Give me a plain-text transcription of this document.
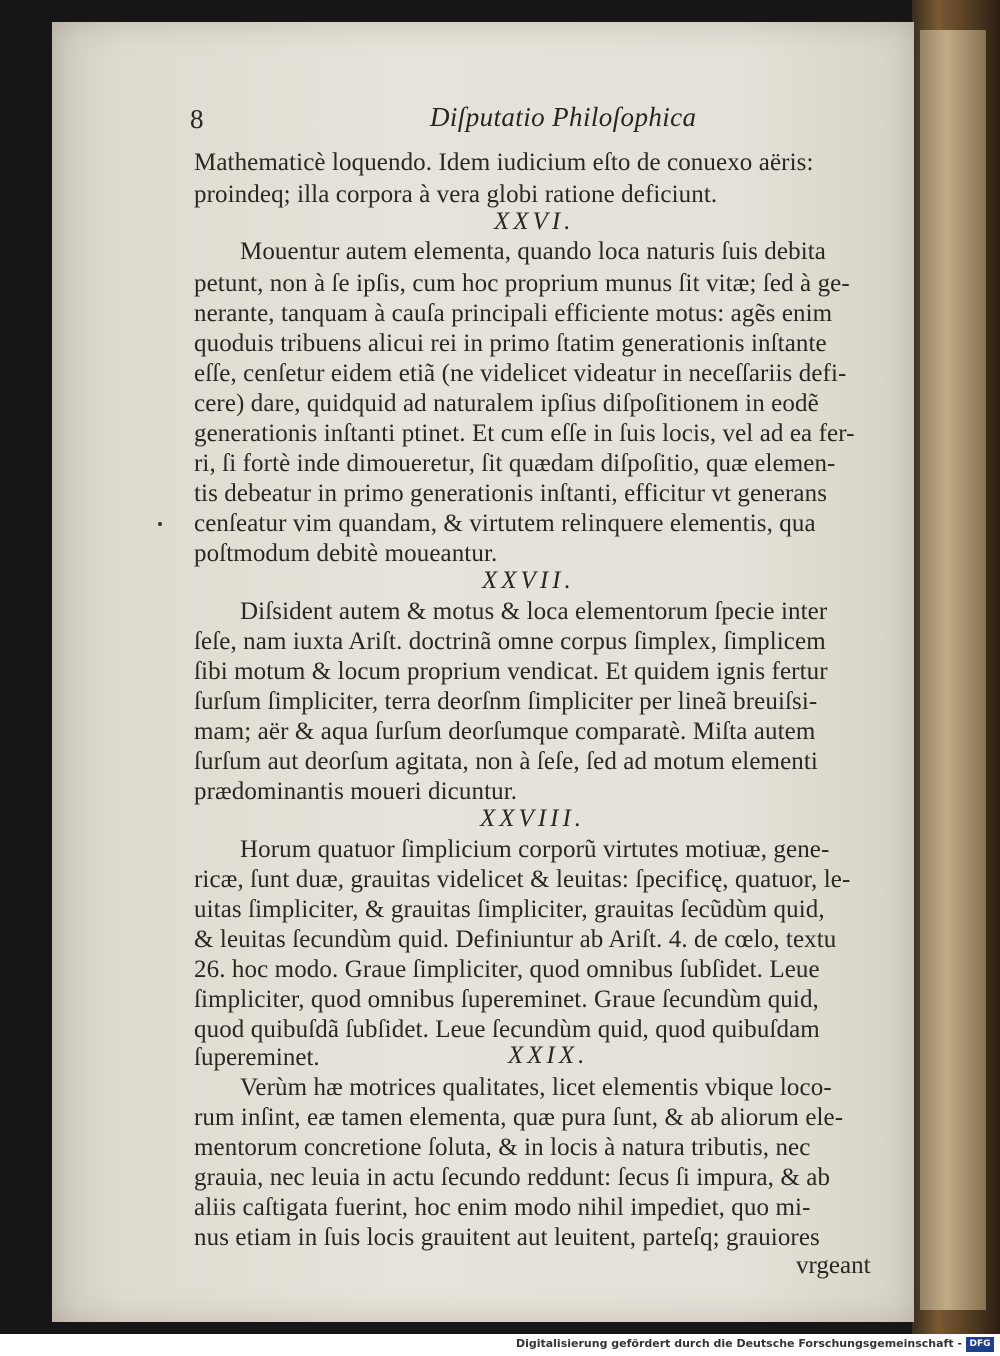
8	Diſputatio Philoſophica
Mathematicè loquendo. Idem iudicium eſto de conuexo aëris:
proindeq; illa corpora à vera globi ratione deficiunt.
XXVI.
Mouentur autem elementa, quando loca naturis ſuis debita
petunt, non à ſe ipſis, cum hoc proprium munus ſit vitæ; ſed à ge-
nerante, tanquam à cauſa principali efficiente motus: agẽs enim
quoduis tribuens alicui rei in primo ſtatim generationis inſtante
eſſe, cenſetur eidem etiã (ne videlicet videatur in neceſſariis defi-
cere) dare, quidquid ad naturalem ipſius diſpoſitionem in eodẽ
generationis inſtanti ptinet. Et cum eſſe in ſuis locis, vel ad ea fer-
ri, ſi fortè inde dimoueretur, ſit quædam diſpoſitio, quæ elemen-
tis debeatur in primo generationis inſtanti, efficitur vt generans
cenſeatur vim quandam, & virtutem relinquere elementis, qua
poſtmodum debitè moueantur.
XXVII.
Diſsident autem & motus & loca elementorum ſpecie inter
ſeſe, nam iuxta Ariſt. doctrinã omne corpus ſimplex, ſimplicem
ſibi motum & locum proprium vendicat. Et quidem ignis fertur
ſurſum ſimpliciter, terra deorſnm ſimpliciter per lineã breuiſsi-
mam; aër & aqua ſurſum deorſumque comparatè. Miſta autem
ſurſum aut deorſum agitata, non à ſeſe, ſed ad motum elementi
prædominantis moueri dicuntur.
XXVIII.
Horum quatuor ſimplicium corporũ virtutes motiuæ, gene-
ricæ, ſunt duæ, grauitas videlicet & leuitas: ſpecificę, quatuor, le-
uitas ſimpliciter, & grauitas ſimpliciter, grauitas ſecũdùm quid,
& leuitas ſecundùm quid. Definiuntur ab Ariſt. 4. de cœlo, textu
26. hoc modo. Graue ſimpliciter, quod omnibus ſubſidet. Leue
ſimpliciter, quod omnibus ſupereminet. Graue ſecundùm quid,
quod quibuſdã ſubſidet. Leue ſecundùm quid, quod quibuſdam
ſupereminet.	XXIX.
Verùm hæ motrices qualitates, licet elementis vbique loco-
rum inſint, eæ tamen elementa, quæ pura ſunt, & ab aliorum ele-
mentorum concretione ſoluta, & in locis à natura tributis, nec
grauia, nec leuia in actu ſecundo reddunt: ſecus ſi impura, & ab
aliis caſtigata fuerint, hoc enim modo nihil impediet, quo mi-
nus etiam in ſuis locis grauitent aut leuitent, parteſq; grauiores
vrgeant
Digitalisierung gefördert durch die Deutsche Forschungsgemeinschaft - DFG
